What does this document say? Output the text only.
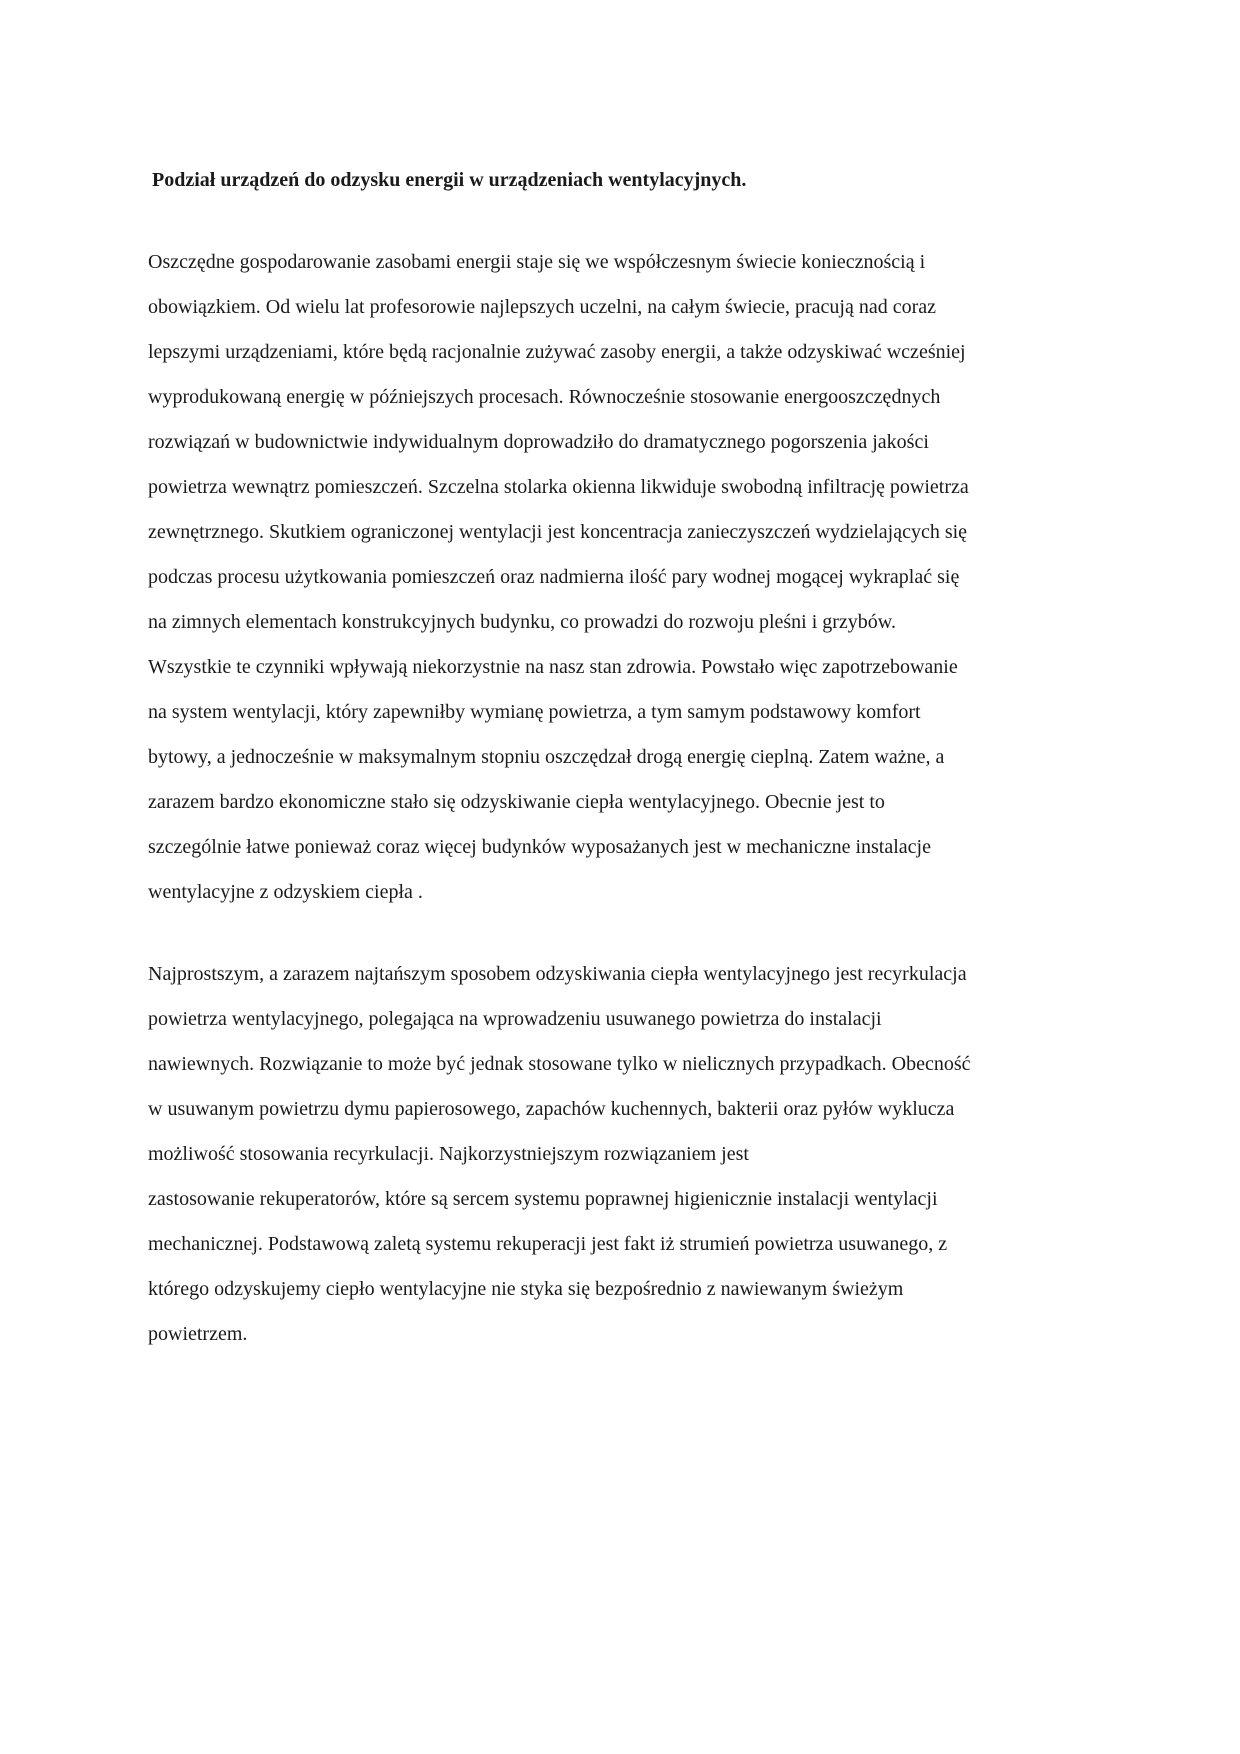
Podział urządzeń do odzysku energii w urządzeniach wentylacyjnych.

Oszczędne gospodarowanie zasobami energii staje się we współczesnym świecie koniecznością i

obowiązkiem. Od wielu lat profesorowie najlepszych uczelni, na całym świecie, pracują nad coraz

lepszymi urządzeniami, które będą racjonalnie zużywać zasoby energii, a także odzyskiwać wcześniej

wyprodukowaną energię w późniejszych procesach. Równocześnie stosowanie energooszczędnych

rozwiązań w budownictwie indywidualnym doprowadziło do dramatycznego pogorszenia jakości

powietrza wewnątrz pomieszczeń. Szczelna stolarka okienna likwiduje swobodną infiltrację powietrza

zewnętrznego. Skutkiem ograniczonej wentylacji jest koncentracja zanieczyszczeń wydzielających się

podczas procesu użytkowania pomieszczeń oraz nadmierna ilość pary wodnej mogącej wykraplać się

na zimnych elementach konstrukcyjnych budynku, co prowadzi do rozwoju pleśni i grzybów.

Wszystkie te czynniki wpływają niekorzystnie na nasz stan zdrowia. Powstało więc zapotrzebowanie

na system wentylacji, który zapewniłby wymianę powietrza, a tym samym podstawowy komfort

bytowy, a jednocześnie w maksymalnym stopniu oszczędzał drogą energię cieplną. Zatem ważne, a

zarazem bardzo ekonomiczne stało się odzyskiwanie ciepła wentylacyjnego. Obecnie jest to

szczególnie łatwe ponieważ coraz więcej budynków wyposażanych jest w mechaniczne instalacje

wentylacyjne z odzyskiem ciepła .

Najprostszym, a zarazem najtańszym sposobem odzyskiwania ciepła wentylacyjnego jest recyrkulacja

powietrza wentylacyjnego, polegająca na wprowadzeniu usuwanego powietrza do instalacji

nawiewnych. Rozwiązanie to może być jednak stosowane tylko w nielicznych przypadkach. Obecność

w usuwanym powietrzu dymu papierosowego, zapachów kuchennych, bakterii oraz pyłów wyklucza

możliwość stosowania recyrkulacji. Najkorzystniejszym rozwiązaniem jest

zastosowanie rekuperatorów, które są sercem systemu poprawnej higienicznie instalacji wentylacji

mechanicznej. Podstawową zaletą systemu rekuperacji jest fakt iż strumień powietrza usuwanego, z

którego odzyskujemy ciepło wentylacyjne nie styka się bezpośrednio z nawiewanym świeżym

powietrzem.
